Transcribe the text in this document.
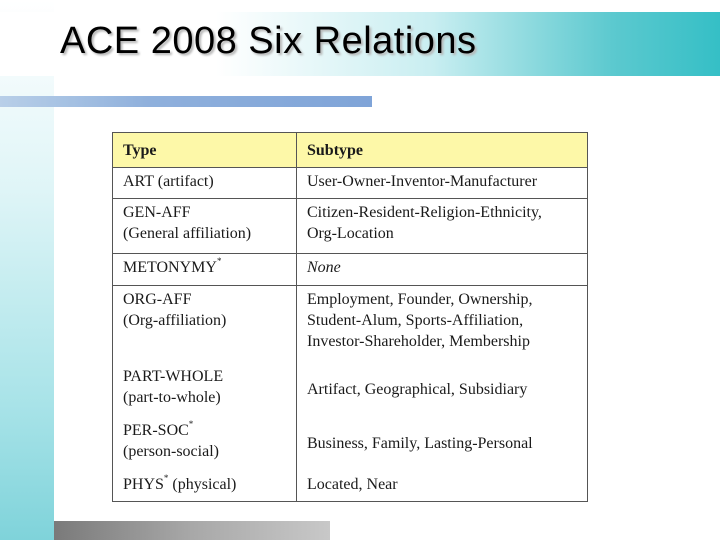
ACE 2008 Six Relations
Type	Subtype

ART (artifact)	User-Owner-Inventor-Manufacturer

GEN-AFF
(General affiliation)	Citizen-Resident-Religion-Ethnicity,
Org-Location

METONYMY*	None

ORG-AFF
(Org-affiliation)	Employment, Founder, Ownership,
Student-Alum, Sports-Affiliation,
Investor-Shareholder, Membership

PART-WHOLE
(part-to-whole)	Artifact, Geographical, Subsidiary

PER-SOC*
(person-social)	Business, Family, Lasting-Personal

PHYS* (physical)	Located, Near
